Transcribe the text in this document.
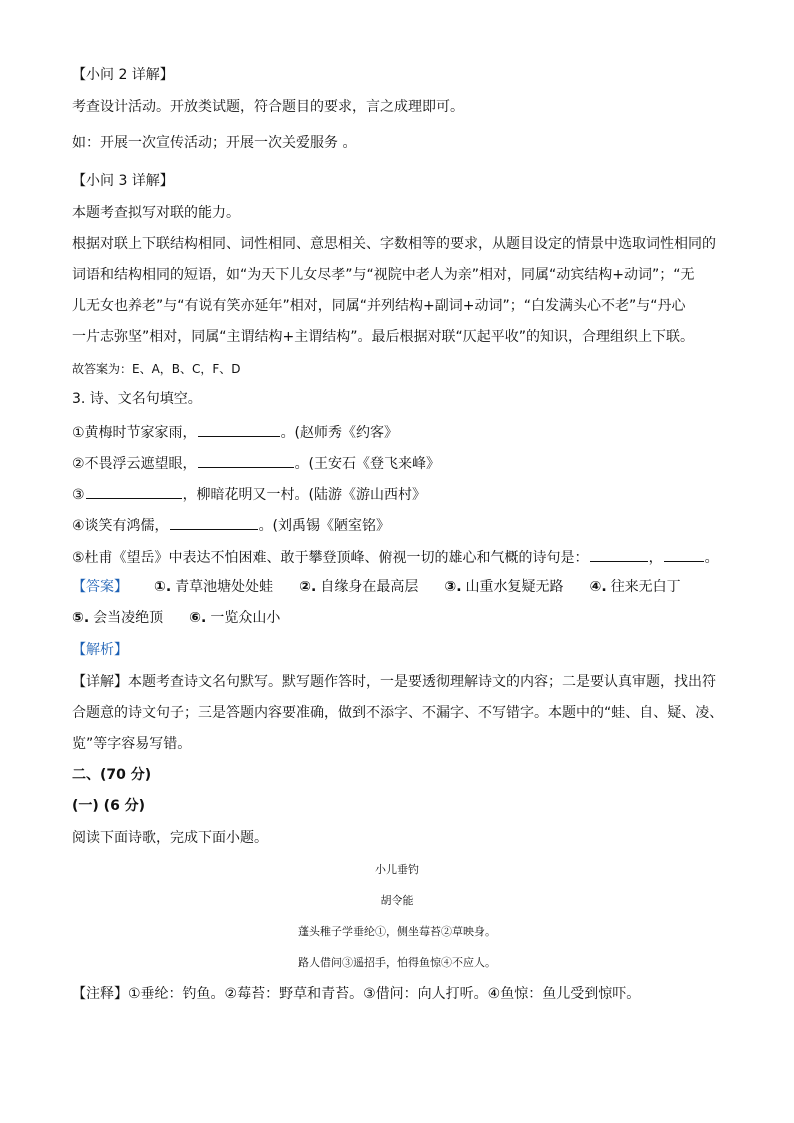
【小问 2 详解】
考查设计活动。开放类试题，符合题目的要求，言之成理即可。
如：开展一次宣传活动；开展一次关爱服务 。
【小问 3 详解】
本题考查拟写对联的能力。
根据对联上下联结构相同、词性相同、意思相关、字数相等的要求，从题目设定的情景中选取词性相同的
词语和结构相同的短语，如“为天下儿女尽孝”与“视院中老人为亲”相对，同属“动宾结构+动词”；“无
儿无女也养老”与“有说有笑亦延年”相对，同属“并列结构+副词+动词”；“白发满头心不老”与“丹心
一片志弥坚”相对，同属“主谓结构+主谓结构”。最后根据对联“仄起平收”的知识，合理组织上下联。
故答案为：E、A，B、C，F、D
3. 诗、文名句填空。
①黄梅时节家家雨，	。(赵师秀《约客》
②不畏浮云遮望眼，	。(王安石《登飞来峰》
③	，柳暗花明又一村。(陆游《游山西村》
④谈笑有鸿儒，	。(刘禹锡《陋室铭》
⑤杜甫《望岳》中表达不怕困难、敢于攀登顶峰、俯视一切的雄心和气概的诗句是：	，	。
【答案】 ①. 青草池塘处处蛙 ②. 自缘身在最高层 ③. 山重水复疑无路 ④. 往来无白丁
⑤. 会当凌绝顶 ⑥. 一览众山小
【解析】
【详解】本题考查诗文名句默写。默写题作答时，一是要透彻理解诗文的内容；二是要认真审题，找出符
合题意的诗文句子；三是答题内容要准确，做到不添字、不漏字、不写错字。本题中的“蛙、自、疑、凌、
览”等字容易写错。
二、(70 分)
(一) (6 分)
阅读下面诗歌，完成下面小题。
小儿垂钓
胡令能
蓬头稚子学垂纶①，侧坐莓苔②草映身。
路人借问③遥招手，怕得鱼惊④不应人。
【注释】①垂纶：钓鱼。②莓苔：野草和青苔。③借问：向人打听。④鱼惊：鱼儿受到惊吓。
